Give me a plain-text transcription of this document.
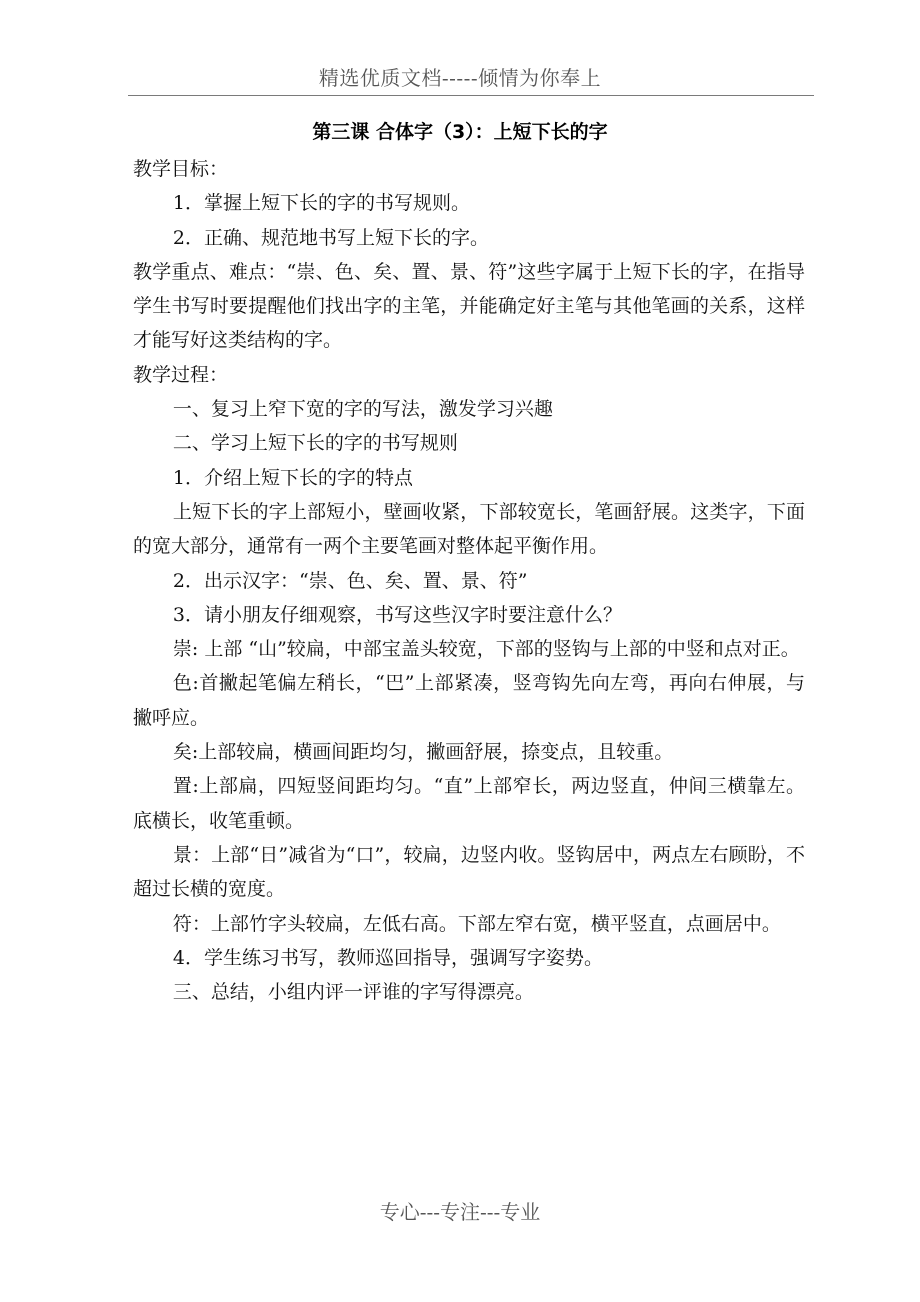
精选优质文档-----倾情为你奉上
第三课 合体字（3）：上短下长的字

教学目标：

1．掌握上短下长的字的书写规则。

2．正确、规范地书写上短下长的字。

教学重点、难点：“崇、色、矣、置、景、符”这些字属于上短下长的字，在指导学生书写时要提醒他们找出字的主笔，并能确定好主笔与其他笔画的关系，这样才能写好这类结构的字。

教学过程：

一、复习上窄下宽的字的写法，激发学习兴趣

二、学习上短下长的字的书写规则

1．介绍上短下长的字的特点

上短下长的字上部短小，壁画收紧，下部较宽长，笔画舒展。这类字，下面的宽大部分，通常有一两个主要笔画对整体起平衡作用。

2．出示汉字：“崇、色、矣、置、景、符”

3．请小朋友仔细观察，书写这些汉字时要注意什么？

崇: 上部 “山”较扁，中部宝盖头较宽，下部的竖钩与上部的中竖和点对正。

色:首撇起笔偏左稍长，“巴”上部紧凑，竖弯钩先向左弯，再向右伸展，与撇呼应。

矣:上部较扁，横画间距均匀，撇画舒展，捺变点，且较重。

置:上部扁，四短竖间距均匀。“直”上部窄长，两边竖直，仲间三横靠左。底横长，收笔重顿。

景：上部“日”减省为“口”，较扁，边竖内收。竖钩居中，两点左右顾盼，不超过长横的宽度。

符：上部竹字头较扁，左低右高。下部左窄右宽，横平竖直，点画居中。

4．学生练习书写，教师巡回指导，强调写字姿势。

三、总结，小组内评一评谁的字写得漂亮。

专心---专注---专业
